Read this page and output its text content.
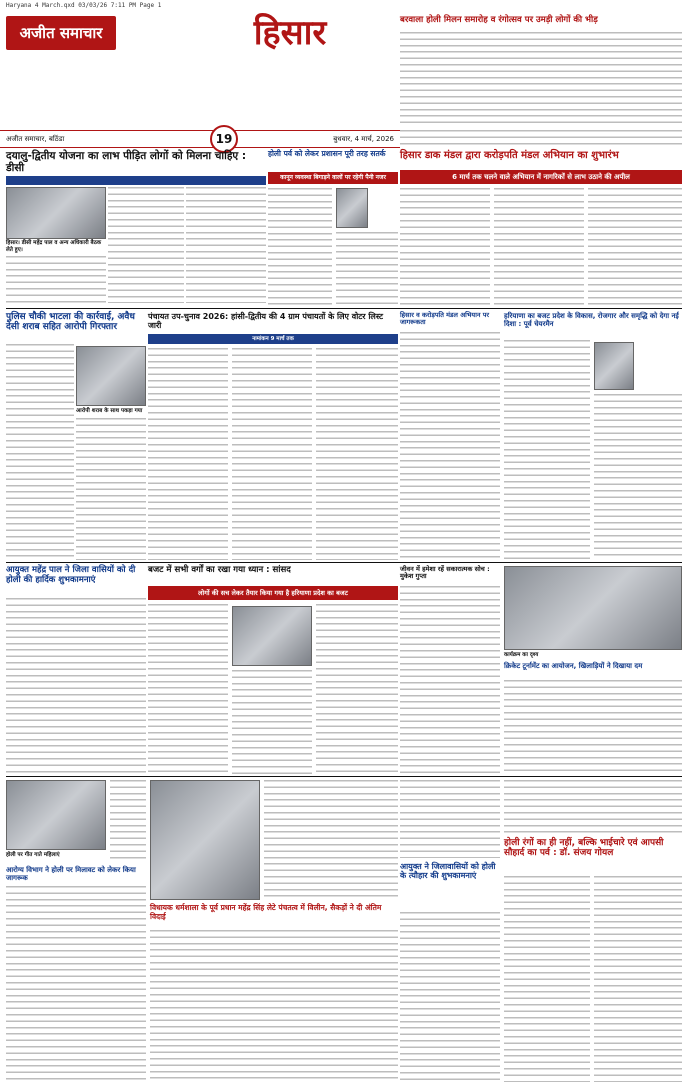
Haryana 4 March.qxd 03/03/26 7:11 PM Page 1
अजीत समाचार	हिसार	बरवाला होली मिलन समारोह व रंगोत्सव पर उमड़ी लोगों की भीड़
अजीत समाचार, बठिंडा	19	बुधवार, 4 मार्च, 2026
दयालु-द्वितीय योजना का लाभ पीड़ित लोगों को मिलना चाहिए : डीसी
हिसार। डीसी महेंद्र पाल व अन्य अधिकारी बैठक लेते हुए।
होली पर्व को लेकर प्रशासन पूरी तरह सतर्क
कानून व्यवस्था बिगाड़ने वालों पर रहेगी पैनी नजर
हिसार डाक मंडल द्वारा करोड़पति मंडल अभियान का शुभारंभ
6 मार्च तक चलने वाले अभियान में नागरिकों से लाभ उठाने की अपील
पुलिस चौकी भाटला की कार्रवाई, अवैध देसी शराब सहित आरोपी गिरफ्तार
आरोपी शराब के साथ पकड़ा गया
पंचायत उप-चुनाव 2026: हांसी-द्वितीय की 4 ग्राम पंचायतों के लिए वोटर लिस्ट जारी
नामांकन 9 मार्च तक
हिसार व करोड़पति मंडल अभियान पर जागरूकता
हरियाणा का बजट प्रदेश के विकास, रोजगार और समृद्धि को देगा नई दिशा : पूर्व चेयरमैन
आयुक्त महेंद्र पाल ने जिला वासियों को दी होली की हार्दिक शुभकामनाएं
बजट में सभी वर्गों का रखा गया ध्यान : सांसद
लोगों की सच लेकर तैयार किया गया है हरियाणा प्रदेश का बजट
जीवन में हमेशा रहें सकारात्मक सोच : मुकेश गुप्ता
कार्यक्रम का दृश्य
क्रिकेट टूर्नामेंट का आयोजन, खिलाड़ियों ने दिखाया दम
होली पर गीत गाते महिलाएं
आरोग्य विभाग ने होली पर मिलावट को लेकर किया जागरूक
विधायक धर्मशाला के पूर्व प्रधान महेंद्र सिंह लेटे पंचतत्व में विलीन, सैकड़ों ने दी अंतिम विदाई
आयुक्त ने जिलावासियों को होली के त्यौहार की शुभकामनाएं
होली रंगों का ही नहीं, बल्कि भाईचारे एवं आपसी सौहार्द का पर्व : डॉ. संजय गोयल
